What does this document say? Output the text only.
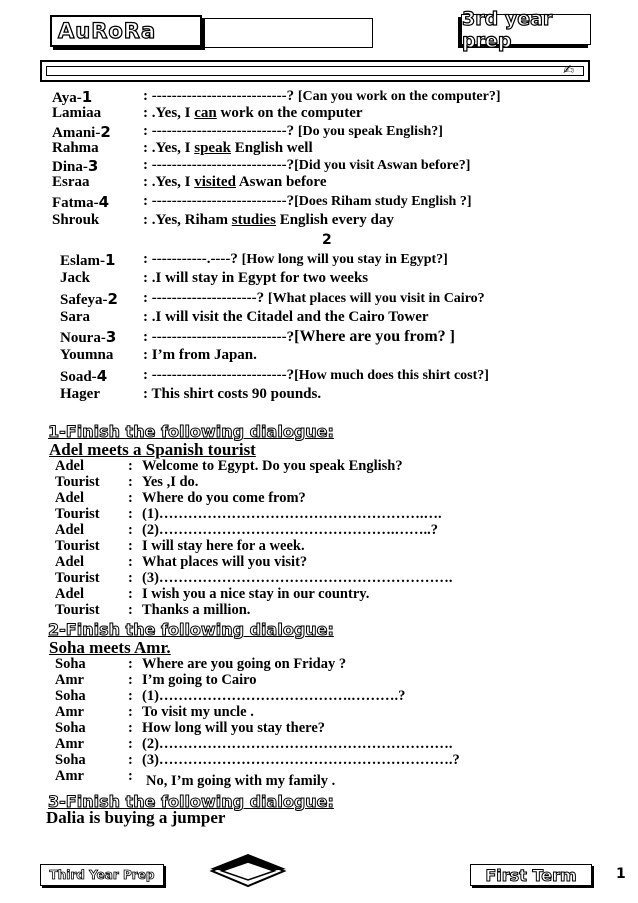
AuRoRa
3rd year prep
✍
Aya-1	: ---------------------------? [Can you work on the computer?]
Lamiaa	: .Yes, I can work on the computer
Amani-2 : ---------------------------? [Do you speak English?]
Rahma	: .Yes, I speak English well
Dina-3	: ---------------------------?[Did you visit Aswan before?]
Esraa	: .Yes, I visited Aswan before
Fatma-4 : ---------------------------?[Does Riham study English ?]
Shrouk	: .Yes, Riham studies English every day
2
Eslam-1 : -----------.----? [How long will you stay in Egypt?]
Jack	: .I will stay in Egypt for two weeks
Safeya-2 : ---------------------? [What places will you visit in Cairo?
Sara	: .I will visit the Citadel and the Cairo Tower
Noura-3 : ---------------------------?[Where are you from? ]
Youmna : I’m from Japan.
Soad-4 : ---------------------------?[How much does this shirt cost?]
Hager	: This shirt costs 90 pounds.
1-Finish the following dialogue:
Adel meets a Spanish tourist
Adel	: Welcome to Egypt. Do you speak English?
Tourist : Yes ,I do.
Adel	: Where do you come from?
Tourist : (1)……………………………………………….….
Adel	: (2)………………………………………….……..?
Tourist : I will stay here for a week.
Adel	: What places will you visit?
Tourist : (3)…………………………………………………….
Adel	: I wish you a nice stay in our country.
Tourist : Thanks a million.
2-Finish the following dialogue:
Soha meets Amr.
Soha	: Where are you going on Friday ?
Amr	: I’m going to Cairo
Soha	: (1)………………………………….……….?
Amr	: To visit my uncle .
Soha	: How long will you stay there?
Amr	: (2)…………………………………………………….
Soha	: (3)…………………………………………………….?
Amr	: No, I’m going with my family .
3-Finish the following dialogue:
Dalia is buying a jumper
Third Year Prep	First Term	1
